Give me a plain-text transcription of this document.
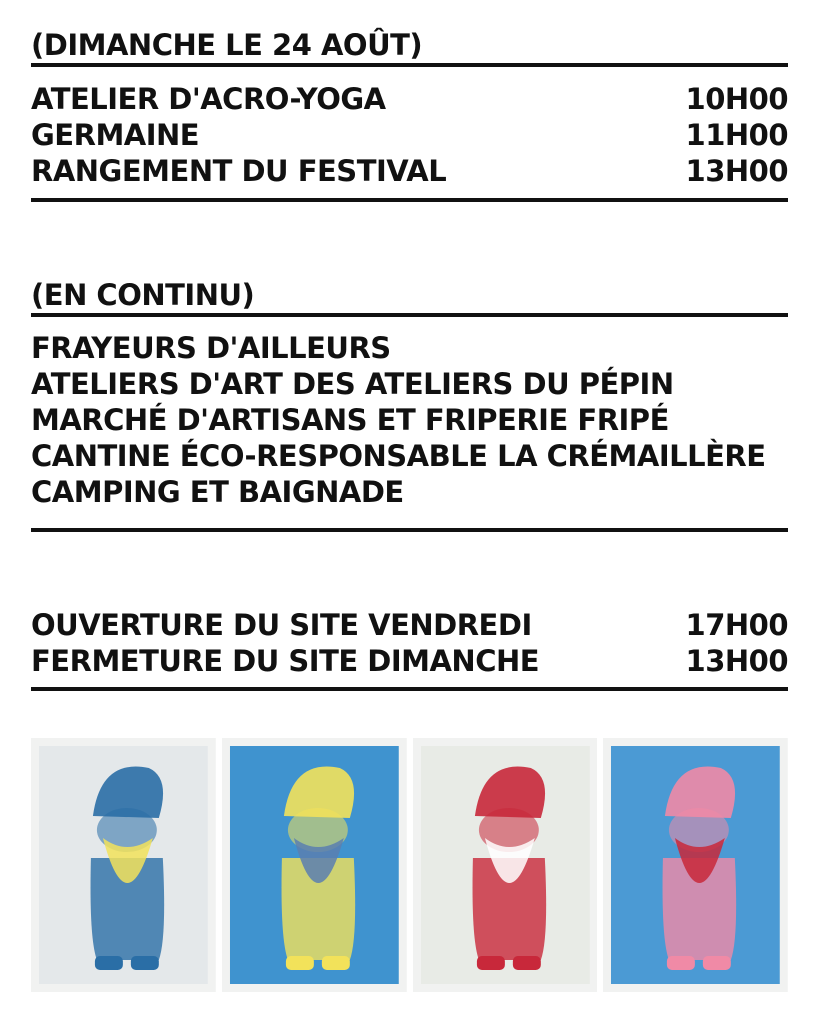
(DIMANCHE LE 24 AOÛT)
ATELIER D'ACRO-YOGA	10H00
GERMAINE	11H00
RANGEMENT DU FESTIVAL	13H00
(EN CONTINU)
FRAYEURS D'AILLEURS
ATELIERS D'ART DES ATELIERS DU PÉPIN
MARCHÉ D'ARTISANS ET FRIPERIE FRIPÉ
CANTINE ÉCO-RESPONSABLE LA CRÉMAILLÈRE
CAMPING ET BAIGNADE
OUVERTURE DU SITE VENDREDI	17H00
FERMETURE DU SITE DIMANCHE	13H00
